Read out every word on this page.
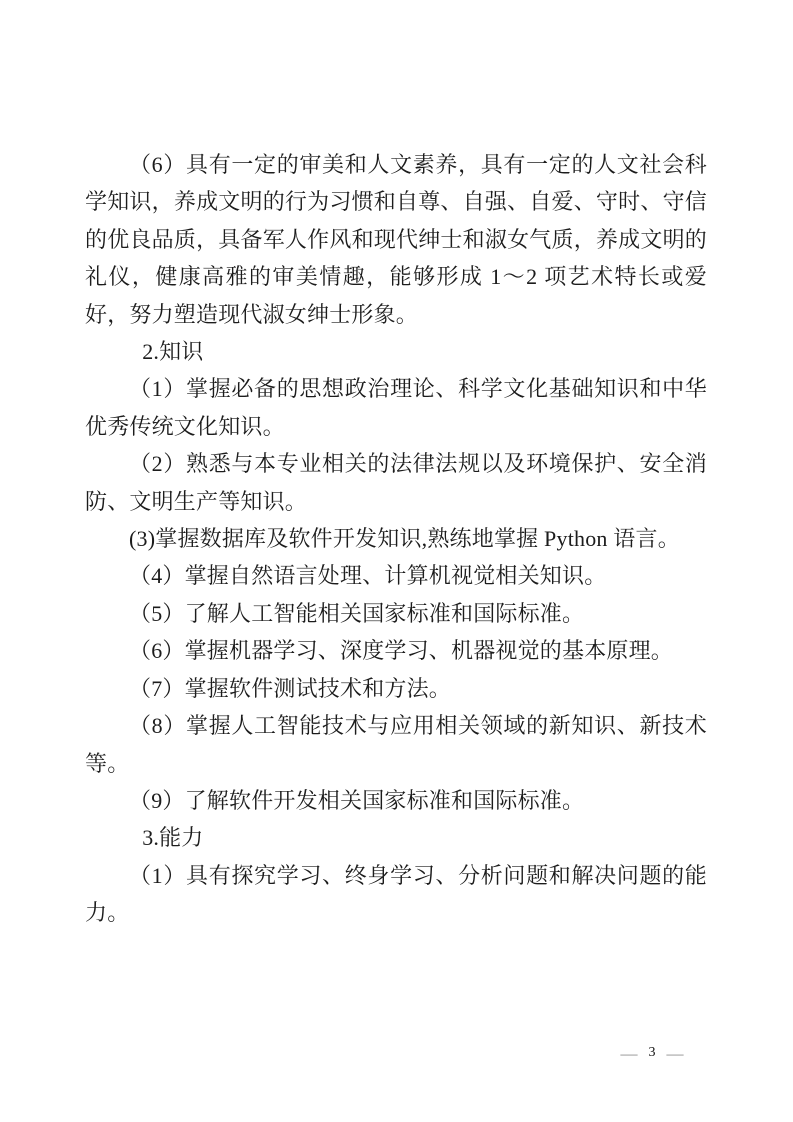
（6）具有一定的审美和人文素养，具有一定的人文社会科学知识，养成文明的行为习惯和自尊、自强、自爱、守时、守信的优良品质，具备军人作风和现代绅士和淑女气质，养成文明的礼仪，健康高雅的审美情趣，能够形成 1～2 项艺术特长或爱好，努力塑造现代淑女绅士形象。

2.知识

（1）掌握必备的思想政治理论、科学文化基础知识和中华优秀传统文化知识。

（2）熟悉与本专业相关的法律法规以及环境保护、安全消防、文明生产等知识。

(3)掌握数据库及软件开发知识,熟练地掌握 Python 语言。

（4）掌握自然语言处理、计算机视觉相关知识。

（5）了解人工智能相关国家标准和国际标准。

（6）掌握机器学习、深度学习、机器视觉的基本原理。

（7）掌握软件测试技术和方法。

（8）掌握人工智能技术与应用相关领域的新知识、新技术等。

（9）了解软件开发相关国家标准和国际标准。

3.能力

（1）具有探究学习、终身学习、分析问题和解决问题的能力。

— 3 —
